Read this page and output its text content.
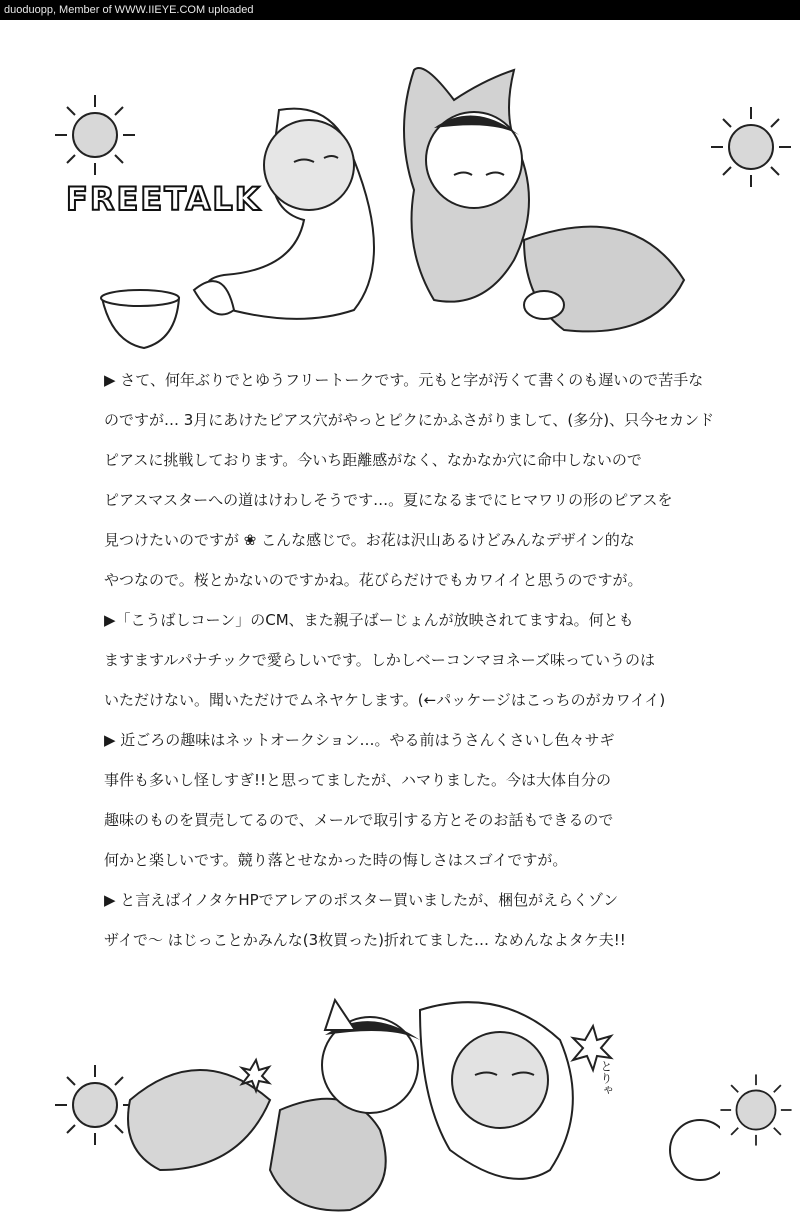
duoduopp, Member of WWW.IIEYE.COM uploaded
FREETALK
▶ さて、何年ぶりでとゆうフリートークです。元もと字が汚くて書くのも遅いので苦手な
のですが… 3月にあけたピアス穴がやっとピクにかふさがりまして、(多分)、只今セカンド
ピアスに挑戦しております。今いち距離感がなく、なかなか穴に命中しないので
ピアスマスターへの道はけわしそうです…。夏になるまでにヒマワリの形のピアスを
見つけたいのですが ❀ こんな感じで。お花は沢山あるけどみんなデザイン的な
やつなので。桜とかないのですかね。花びらだけでもカワイイと思うのですが。
▶「こうばしコーン」のCM、また親子ばーじょんが放映されてますね。何とも
ますますルパナチックで愛らしいです。しかしベーコンマヨネーズ味っていうのは
いただけない。聞いただけでムネヤケします。(←パッケージはこっちのがカワイイ)
▶ 近ごろの趣味はネットオークション…。やる前はうさんくさいし色々サギ
事件も多いし怪しすぎ!!と思ってましたが、ハマりました。今は大体自分の
趣味のものを買売してるので、メールで取引する方とそのお話もできるので
何かと楽しいです。競り落とせなかった時の悔しさはスゴイですが。
▶ と言えばイノタケHPでアレアのポスター買いましたが、梱包がえらくゾン
ザイで〜 はじっことかみんな(3枚買った)折れてました… なめんなよタケ夫!!
とりゃ
